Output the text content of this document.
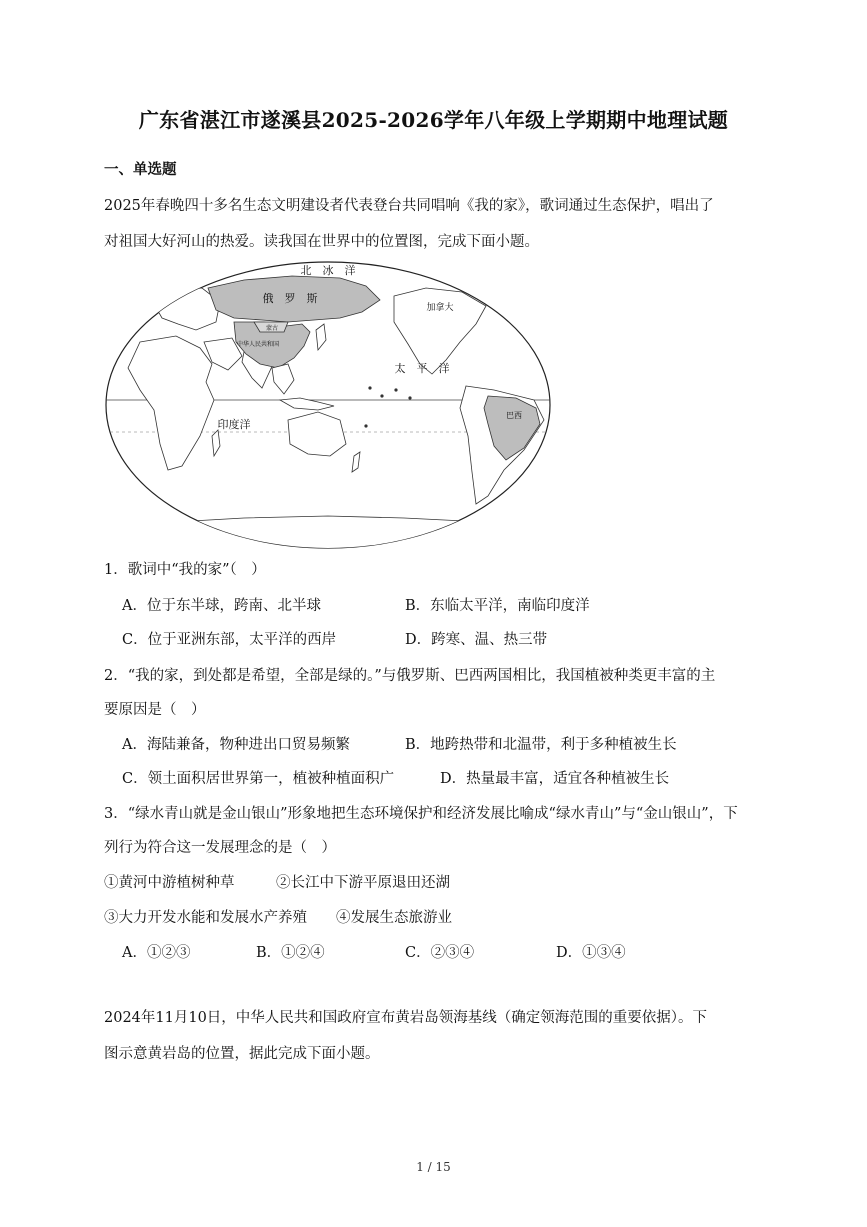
广东省湛江市遂溪县2025-2026学年八年级上学期期中地理试题
一、单选题
2025年春晚四十多名生态文明建设者代表登台共同唱响《我的家》，歌词通过生态保护，唱出了
对祖国大好河山的热爱。读我国在世界中的位置图，完成下面小题。
北　冰　洋
俄　罗　斯
加拿大
蒙古
中华人民共和国
太　平　洋
印度洋
巴西
1．歌词中“我的家”（　）
A．位于东半球，跨南、北半球	B．东临太平洋，南临印度洋
C．位于亚洲东部，太平洋的西岸	D．跨寒、温、热三带
2．“我的家，到处都是希望，全部是绿的。”与俄罗斯、巴西两国相比，我国植被种类更丰富的主
要原因是（　）
A．海陆兼备，物种进出口贸易频繁	B．地跨热带和北温带，利于多种植被生长
C．领土面积居世界第一，植被种植面积广	D．热量最丰富，适宜各种植被生长
3．“绿水青山就是金山银山”形象地把生态环境保护和经济发展比喻成“绿水青山”与“金山银山”，下
列行为符合这一发展理念的是（　）
①黄河中游植树种草	②长江中下游平原退田还湖
③大力开发水能和发展水产养殖 ④发展生态旅游业
A．①②③	B．①②④	C．②③④	D．①③④
2024年11月10日，中华人民共和国政府宣布黄岩岛领海基线（确定领海范围的重要依据）。下
图示意黄岩岛的位置，据此完成下面小题。
1 / 15
